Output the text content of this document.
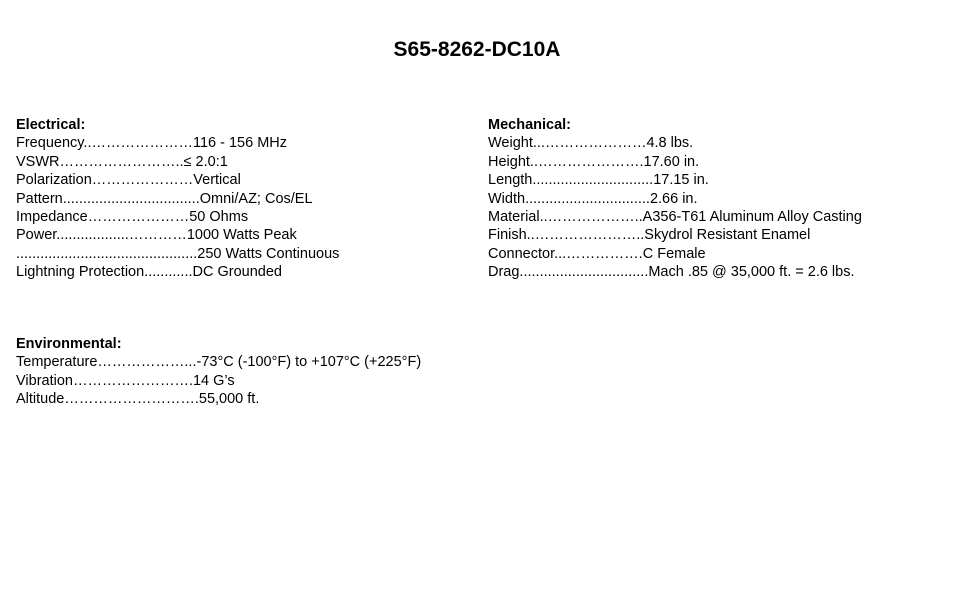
S65-8262-DC10A
Electrical:
Frequency..…………………116 - 156 MHz
VSWR……………………..≤ 2.0:1
Polarization…………………Vertical
Pattern..................................Omni/AZ; Cos/EL
Impedance…………………50 Ohms
Power..................…………1000 Watts Peak
.............................................250 Watts Continuous
Lightning Protection............DC Grounded
Mechanical:
Weight...…………………4.8 lbs.
Height..………………….17.60 in.
Length..............................17.15 in.
Width...............................2.66 in.
Material..………………..A356-T61 Aluminum Alloy Casting
Finish..…………………..Skydrol Resistant Enamel
Connector...…………….C Female
Drag................................Mach .85 @ 35,000 ft. = 2.6 lbs.
Environmental:
Temperature………………...-73°C (-100°F) to +107°C (+225°F)
Vibration…………………….14 G’s
Altitude……………………….55,000 ft.
